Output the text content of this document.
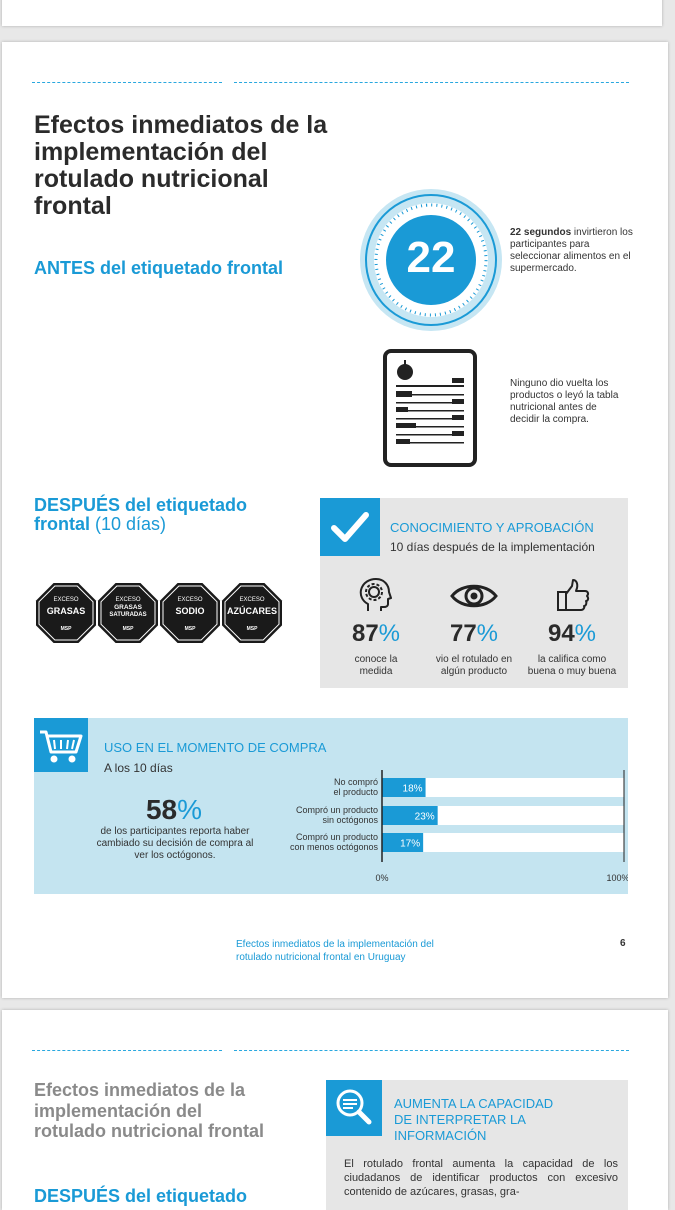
Efectos inmediatos de la implementación del rotulado nutricional frontal
ANTES del etiquetado frontal	22
22 segundos invirtieron los participantes para seleccionar alimentos en el supermercado.
Ninguno dio vuelta los productos o leyó la tabla nutricional antes de decidir la compra.
DESPUÉS del etiquetado frontal (10 días)
EXCESO
GRASAS
MSP
EXCESO
GRASAS
SATURADAS
MSP
EXCESO
SODIO
MSP
EXCESO
AZÚCARES
MSP
CONOCIMIENTO Y APROBACIÓN
10 días después de la implementación
87%
conoce la medida
77%
vio el rotulado en algún producto
94%
la califica como buena o muy buena
USO EN EL MOMENTO DE COMPRA
A los 10 días
58%
de los participantes reporta haber cambiado su decisión de compra al ver los octógonos.
18%
No compró
el producto
23%
Compró un producto
sin octógonos
17%
Compró un producto
con menos octógonos
0%	100%
Efectos inmediatos de la implementación del rotulado nutricional frontal en Uruguay
6
Efectos inmediatos de la implementación del rotulado nutricional frontal
DESPUÉS del etiquetado
AUMENTA LA CAPACIDAD DE INTERPRETAR LA INFORMACIÓN
El rotulado frontal aumenta la capacidad de los ciudadanos de identificar productos con excesivo contenido de azúcares, grasas, gra-
